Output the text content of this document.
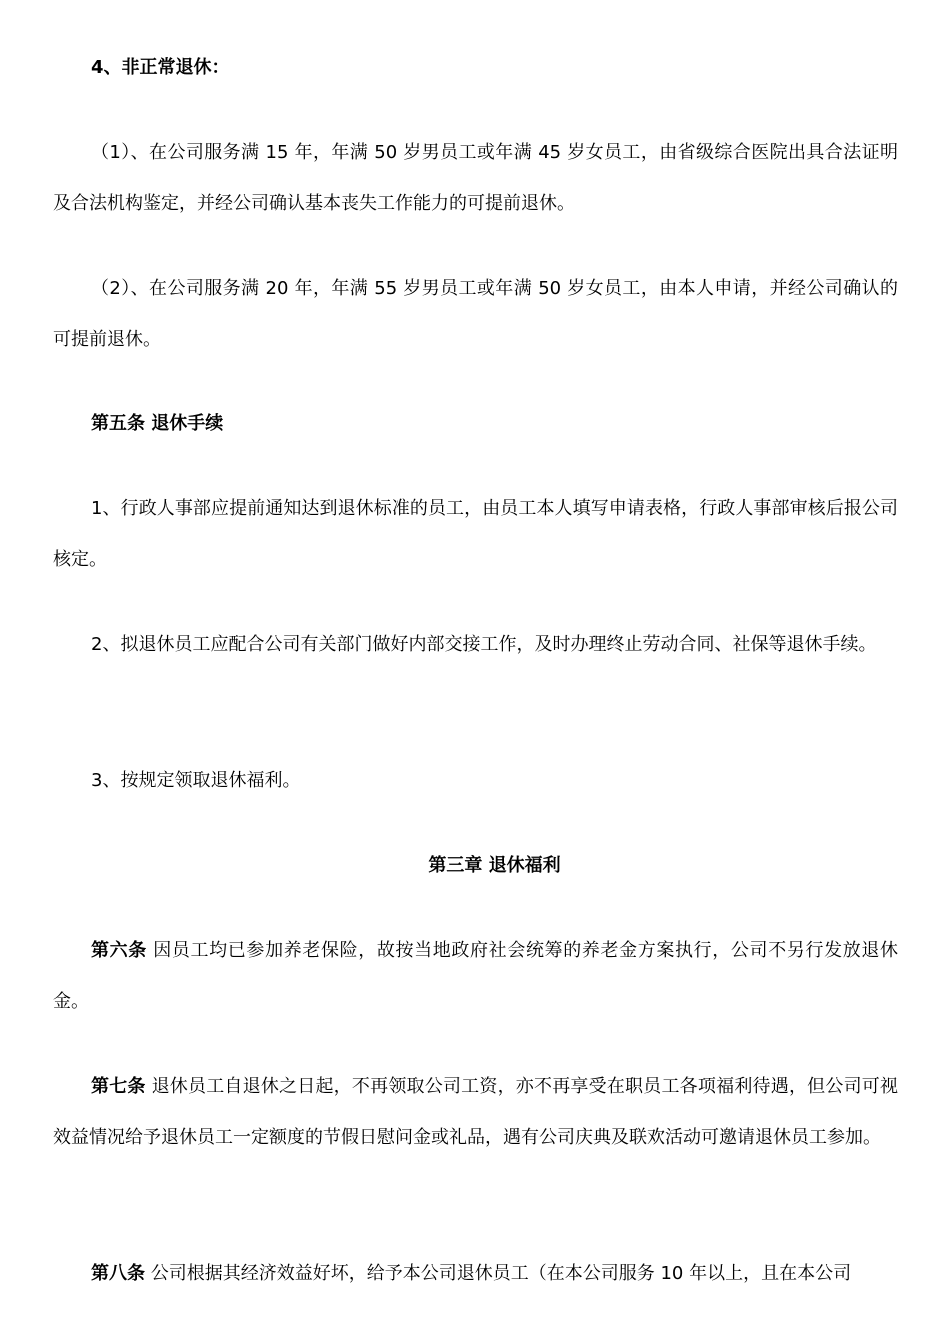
4、非正常退休：

（1）、在公司服务满 15 年，年满 50 岁男员工或年满 45 岁女员工，由省级综合医院出具合法证明及合法机构鉴定，并经公司确认基本丧失工作能力的可提前退休。

（2）、在公司服务满 20 年，年满 55 岁男员工或年满 50 岁女员工，由本人申请，并经公司确认的可提前退休。

第五条 退休手续

1、行政人事部应提前通知达到退休标准的员工，由员工本人填写申请表格，行政人事部审核后报公司核定。

2、拟退休员工应配合公司有关部门做好内部交接工作，及时办理终止劳动合同、社保等退休手续。

3、按规定领取退休福利。

第三章 退休福利

第六条 因员工均已参加养老保险，故按当地政府社会统筹的养老金方案执行，公司不另行发放退休金。

第七条 退休员工自退休之日起，不再领取公司工资，亦不再享受在职员工各项福利待遇，但公司可视效益情况给予退休员工一定额度的节假日慰问金或礼品，遇有公司庆典及联欢活动可邀请退休员工参加。

第八条 公司根据其经济效益好坏，给予本公司退休员工（在本公司服务 10 年以上，且在本公司
